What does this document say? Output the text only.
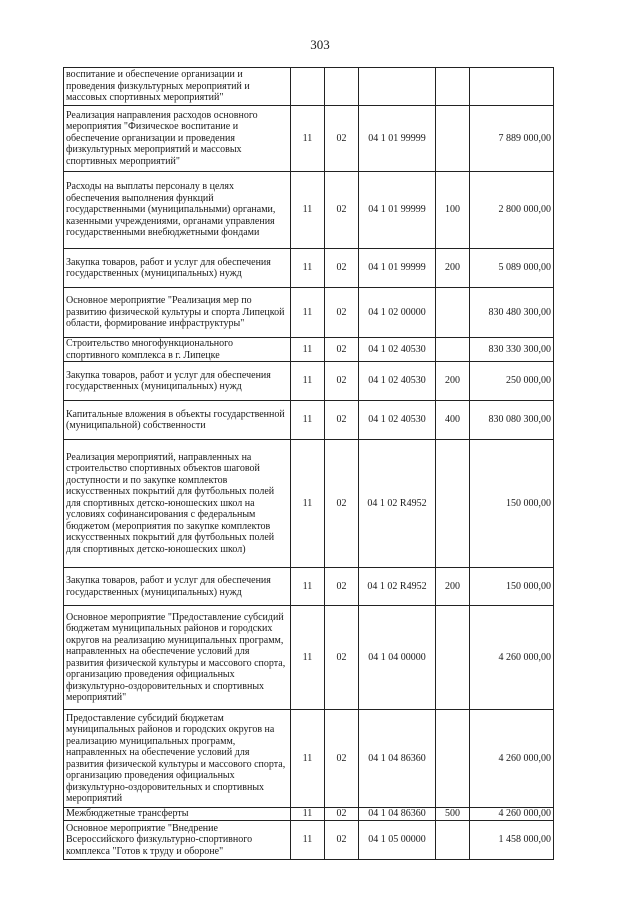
303
воспитание и обеспечение организации и проведения физкультурных мероприятий и массовых спортивных мероприятий"					
Реализация направления расходов основного мероприятия "Физическое воспитание и обеспечение организации и проведения физкультурных мероприятий и массовых спортивных мероприятий"	11	02	04 1 01 99999		7 889 000,00
Расходы на выплаты персоналу в целях обеспечения выполнения функций государственными (муниципальными) органами, казенными учреждениями, органами управления государственными внебюджетными фондами	11	02	04 1 01 99999	100	2 800 000,00
Закупка товаров, работ и услуг для обеспечения государственных (муниципальных) нужд	11	02	04 1 01 99999	200	5 089 000,00
Основное мероприятие "Реализация мер по развитию физической культуры и спорта Липецкой области, формирование инфраструктуры"	11	02	04 1 02 00000		830 480 300,00
Строительство многофункционального спортивного комплекса в г. Липецке	11	02	04 1 02 40530		830 330 300,00
Закупка товаров, работ и услуг для обеспечения государственных (муниципальных) нужд	11	02	04 1 02 40530	200	250 000,00
Капитальные вложения в объекты государственной (муниципальной) собственности	11	02	04 1 02 40530	400	830 080 300,00
Реализация мероприятий, направленных на строительство спортивных объектов шаговой доступности и по закупке комплектов искусственных покрытий для футбольных полей для спортивных детско-юношеских школ на условиях софинансирования с федеральным бюджетом (мероприятия по закупке комплектов искусственных покрытий для футбольных полей для спортивных детско-юношеских школ)	11	02	04 1 02 R4952		150 000,00
Закупка товаров, работ и услуг для обеспечения государственных (муниципальных) нужд	11	02	04 1 02 R4952	200	150 000,00
Основное мероприятие "Предоставление субсидий бюджетам муниципальных районов и городских округов на реализацию муниципальных программ, направленных на обеспечение условий для развития физической культуры и массового спорта, организацию проведения официальных физкультурно-оздоровительных и спортивных мероприятий"	11	02	04 1 04 00000		4 260 000,00
Предоставление субсидий бюджетам муниципальных районов и городских округов на реализацию муниципальных программ, направленных на обеспечение условий для развития физической культуры и массового спорта, организацию проведения официальных физкультурно-оздоровительных и спортивных мероприятий	11	02	04 1 04 86360		4 260 000,00
Межбюджетные трансферты	11	02	04 1 04 86360	500	4 260 000,00
Основное мероприятие "Внедрение Всероссийского физкультурно-спортивного комплекса "Готов к труду и обороне"	11	02	04 1 05 00000		1 458 000,00
